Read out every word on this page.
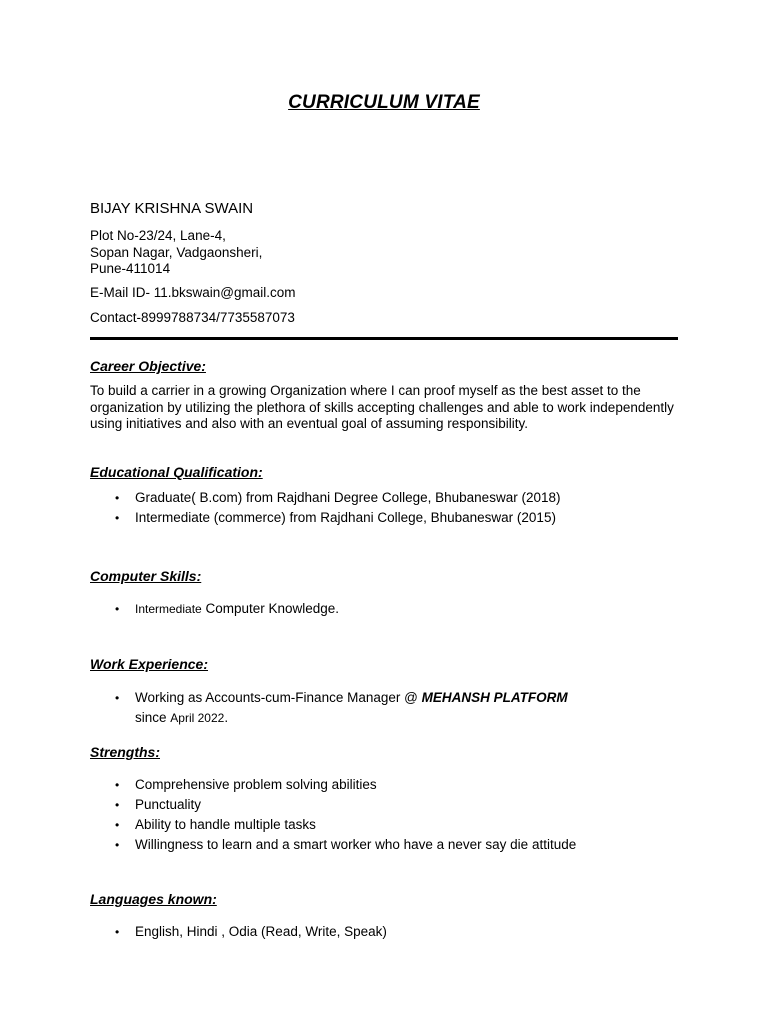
CURRICULUM VITAE
BIJAY KRISHNA SWAIN
Plot No-23/24, Lane-4,
Sopan Nagar, Vadgaonsheri,
Pune-411014
E-Mail ID- 11.bkswain@gmail.com
Contact-8999788734/7735587073
Career Objective:
To build a carrier in a growing Organization where I can proof myself as the best asset to the organization by utilizing the plethora of skills accepting challenges and able to work independently using initiatives and also with an eventual goal of assuming responsibility.
Educational Qualification:
• Graduate( B.com) from Rajdhani Degree College, Bhubaneswar (2018)
• Intermediate (commerce) from Rajdhani College, Bhubaneswar (2015)
Computer Skills:
• Intermediate Computer Knowledge.
Work Experience:
• Working as Accounts-cum-Finance Manager @ MEHANSH PLATFORM
since April 2022.
Strengths:
• Comprehensive problem solving abilities
• Punctuality
• Ability to handle multiple tasks
• Willingness to learn and a smart worker who have a never say die attitude
Languages known:
• English, Hindi , Odia (Read, Write, Speak)
